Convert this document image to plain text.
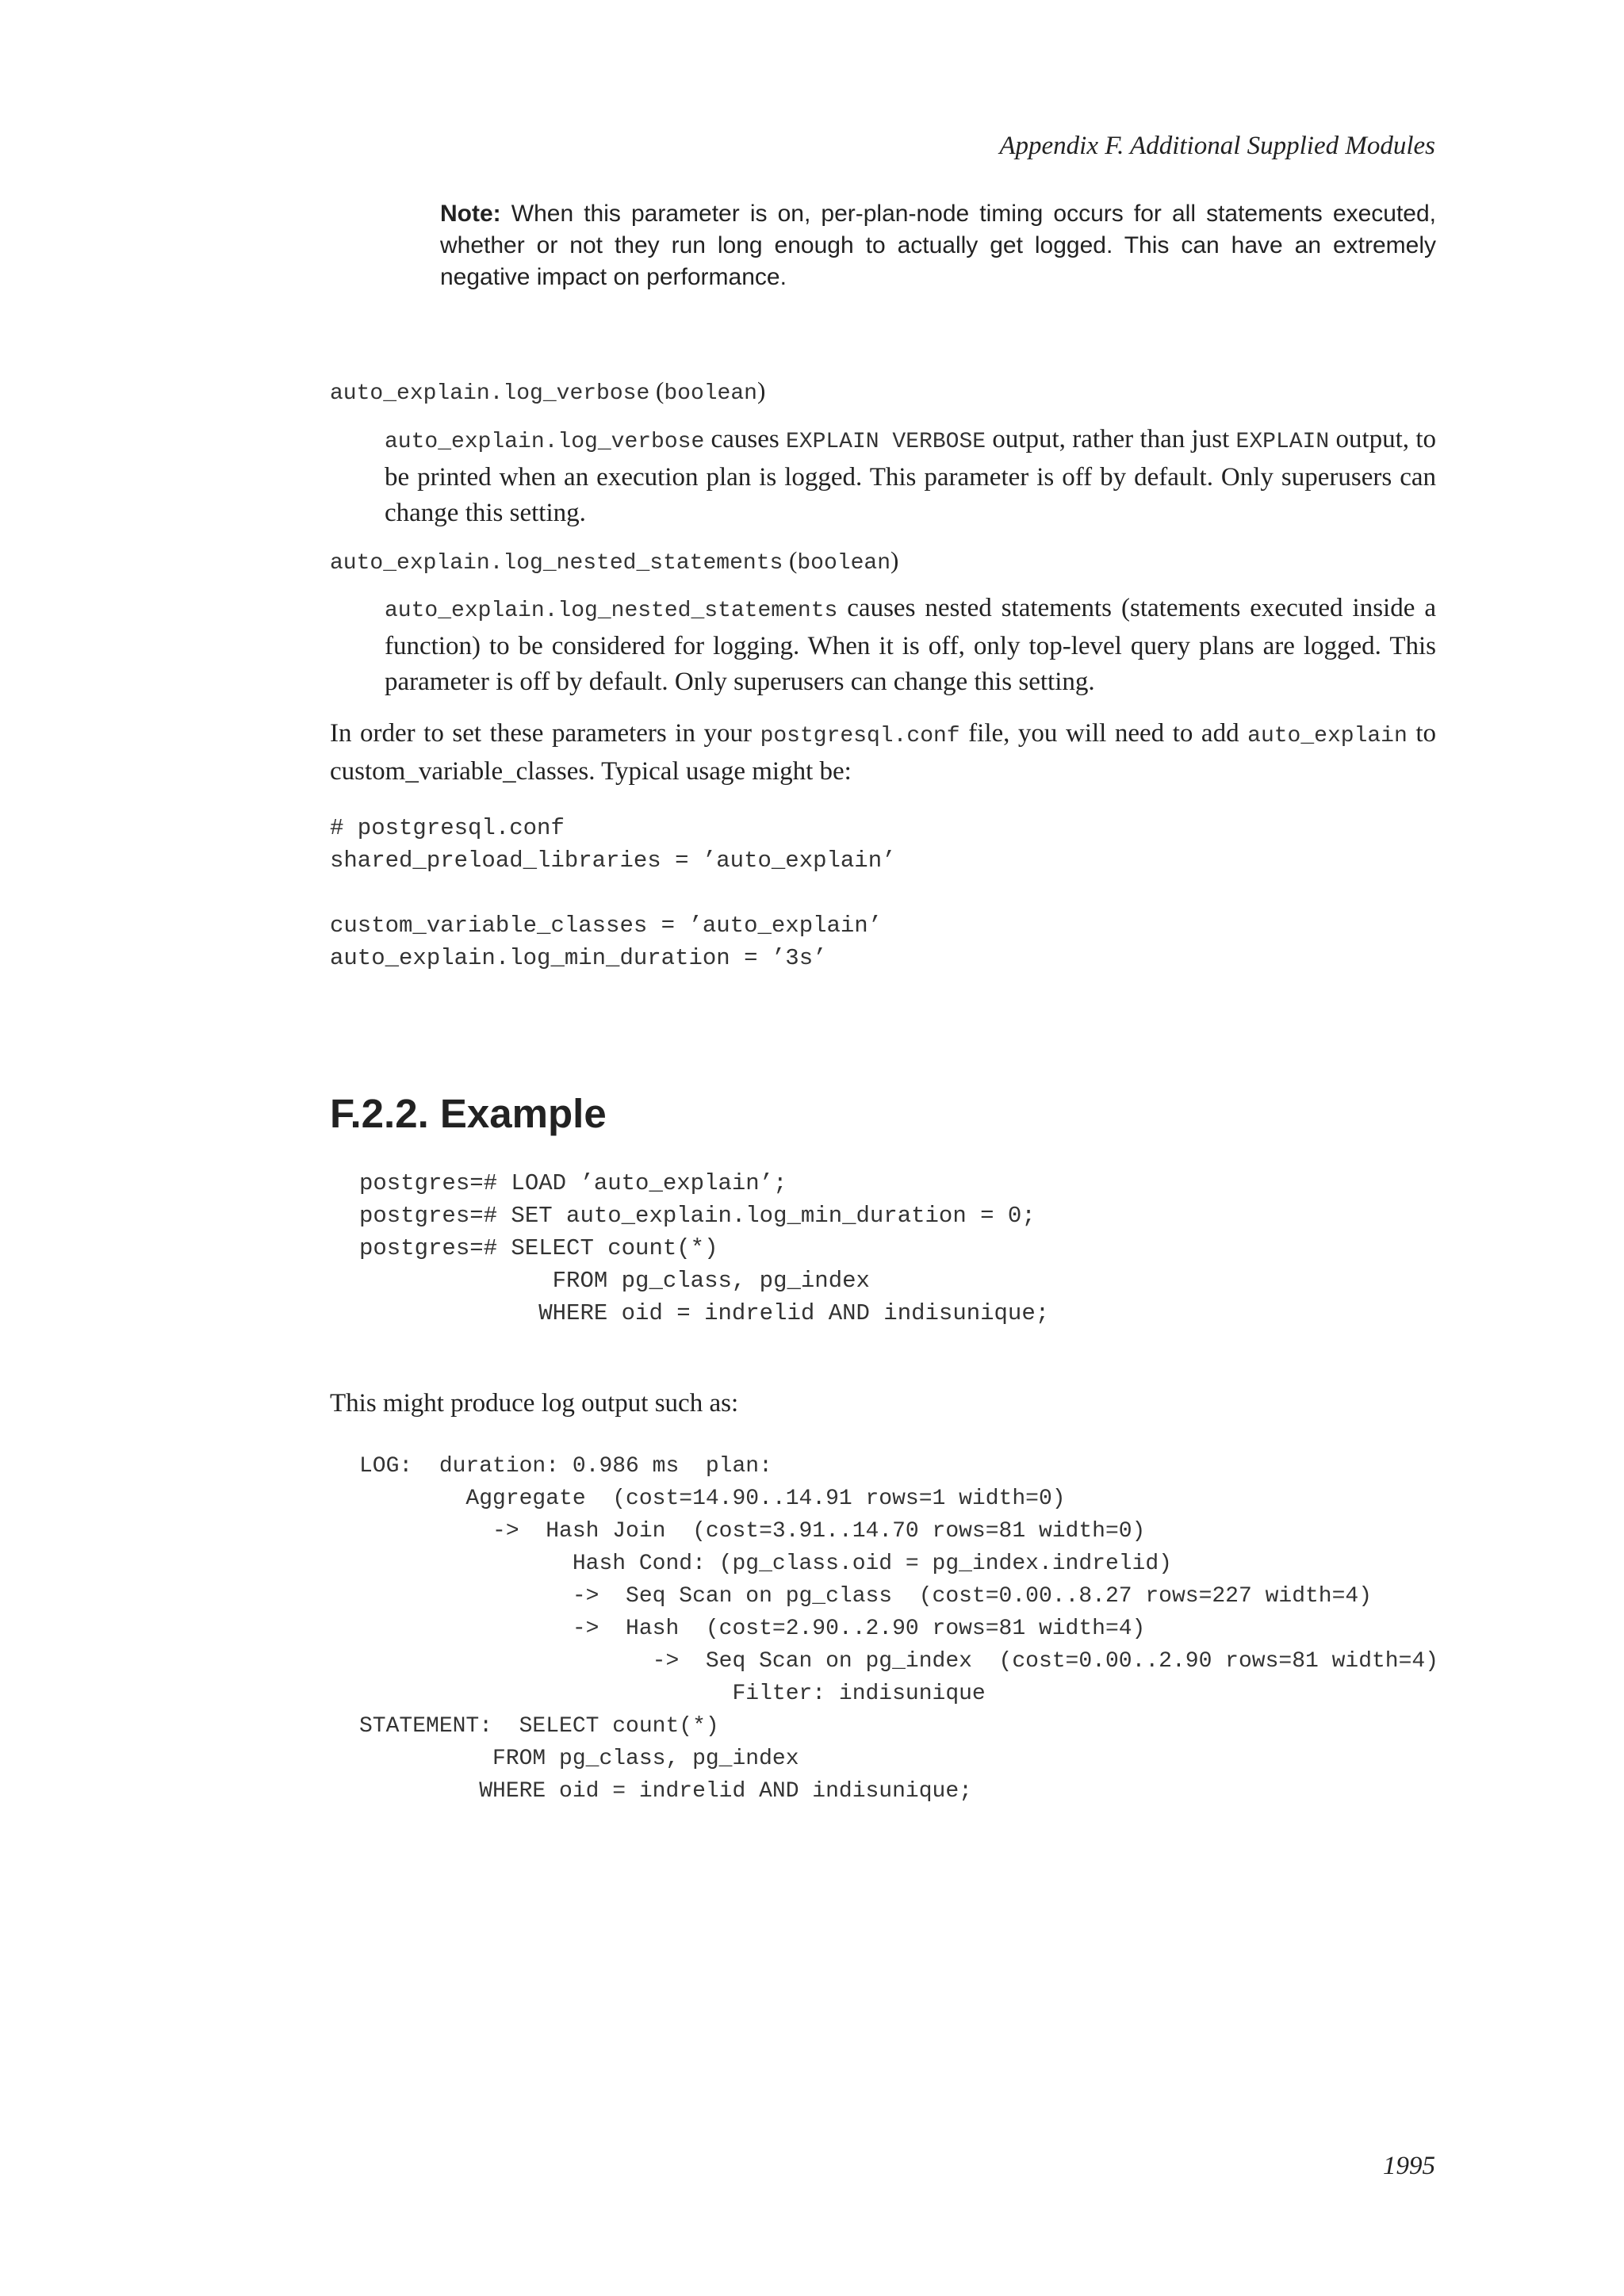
Appendix F. Additional Supplied Modules
Note: When this parameter is on, per-plan-node timing occurs for all statements executed, whether or not they run long enough to actually get logged. This can have an extremely negative impact on performance.
auto_explain.log_verbose (boolean)
auto_explain.log_verbose causes EXPLAIN VERBOSE output, rather than just EXPLAIN output, to be printed when an execution plan is logged. This parameter is off by default. Only superusers can change this setting.
auto_explain.log_nested_statements (boolean)
auto_explain.log_nested_statements causes nested statements (statements executed inside a function) to be considered for logging. When it is off, only top-level query plans are logged. This parameter is off by default. Only superusers can change this setting.
In order to set these parameters in your postgresql.conf file, you will need to add auto_explain to custom_variable_classes. Typical usage might be:
# postgresql.conf
shared_preload_libraries = ’auto_explain’

custom_variable_classes = ’auto_explain’
auto_explain.log_min_duration = ’3s’
F.2.2. Example
postgres=# LOAD ’auto_explain’;
postgres=# SET auto_explain.log_min_duration = 0;
postgres=# SELECT count(*)
FROM pg_class, pg_index
WHERE oid = indrelid AND indisunique;
This might produce log output such as:
LOG:  duration: 0.986 ms  plan:
Aggregate  (cost=14.90..14.91 rows=1 width=0)
->  Hash Join  (cost=3.91..14.70 rows=81 width=0)
Hash Cond: (pg_class.oid = pg_index.indrelid)
->  Seq Scan on pg_class  (cost=0.00..8.27 rows=227 width=4)
->  Hash  (cost=2.90..2.90 rows=81 width=4)
->  Seq Scan on pg_index  (cost=0.00..2.90 rows=81 width=4)
Filter: indisunique
STATEMENT:  SELECT count(*)
FROM pg_class, pg_index
WHERE oid = indrelid AND indisunique;
1995
